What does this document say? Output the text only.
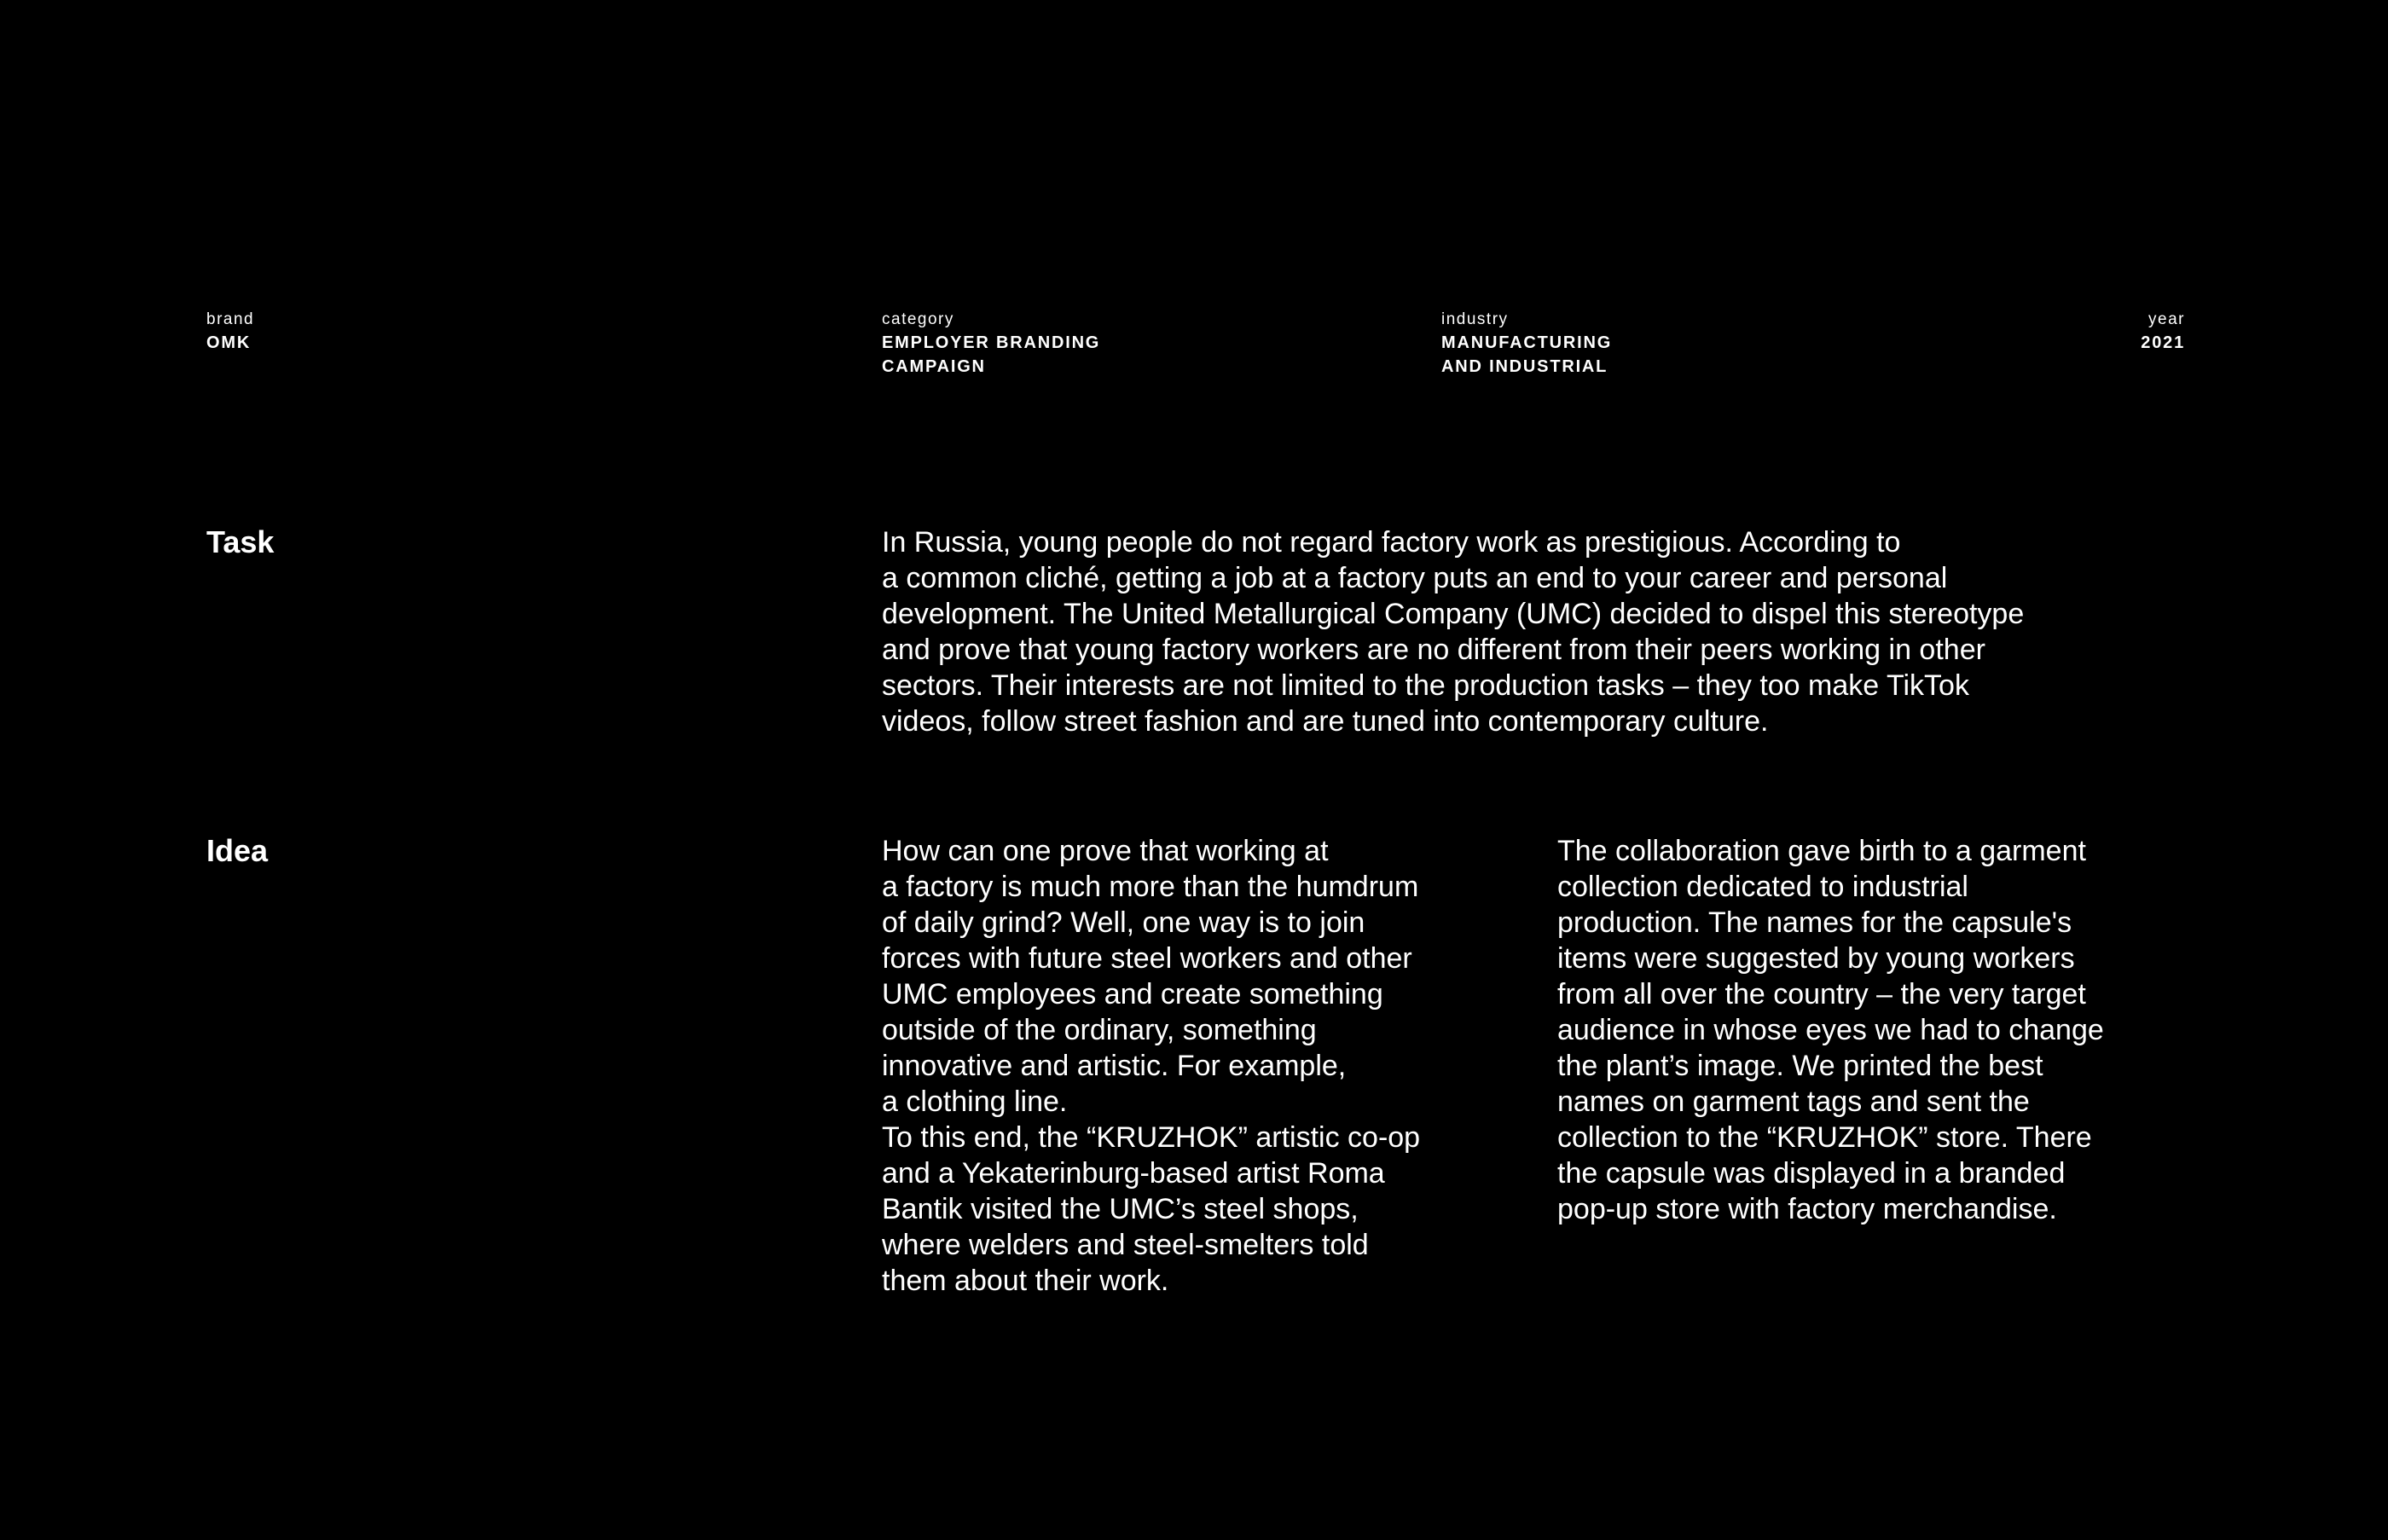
brand
OMK
category
EMPLOYER BRANDING
CAMPAIGN
industry
MANUFACTURING
AND INDUSTRIAL
year
2021
Task	In Russia, young people do not regard factory work as prestigious. According to
a common cliché, getting a job at a factory puts an end to your career and personal
development. The United Metallurgical Company (UMC) decided to dispel this stereotype
and prove that young factory workers are no different from their peers working in other
sectors. Their interests are not limited to the production tasks – they too make TikTok
videos, follow street fashion and are tuned into contemporary culture.
Idea	How can one prove that working at
a factory is much more than the humdrum
of daily grind? Well, one way is to join
forces with future steel workers and other
UMC employees and create something
outside of the ordinary, something
innovative and artistic. For example,
a clothing line.
To this end, the “KRUZHOK” artistic co-op
and a Yekaterinburg-based artist Roma
Bantik visited the UMC’s steel shops,
where welders and steel-smelters told
them about their work.
The collaboration gave birth to a garment
collection dedicated to industrial
production. The names for the capsule's
items were suggested by young workers
from all over the country – the very target
audience in whose eyes we had to change
the plant’s image. We printed the best
names on garment tags and sent the
collection to the “KRUZHOK” store. There
the capsule was displayed in a branded
pop-up store with factory merchandise.
